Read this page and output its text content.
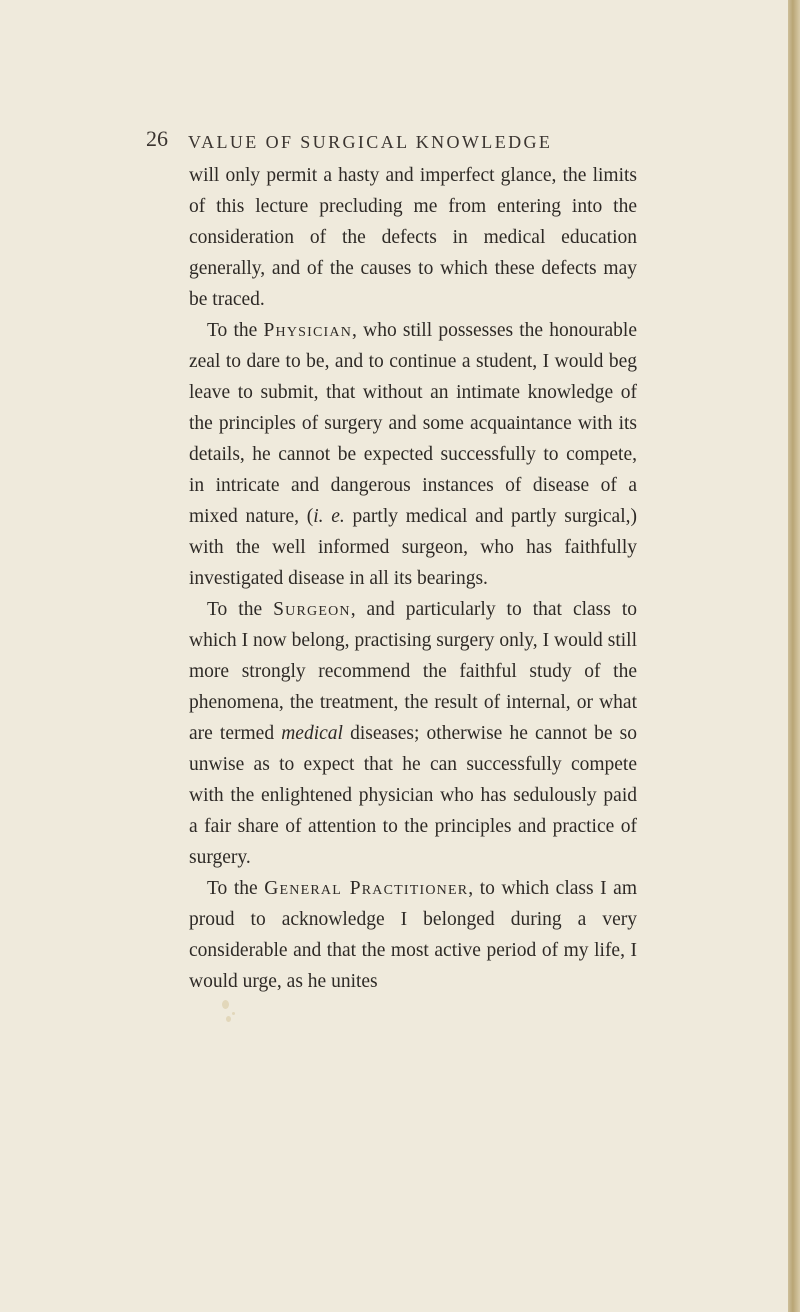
26 VALUE OF SURGICAL KNOWLEDGE

will only permit a hasty and imperfect glance, the limits of this lecture precluding me from entering into the consideration of the defects in medical education generally, and of the causes to which these defects may be traced.

To the Physician, who still possesses the honourable zeal to dare to be, and to continue a student, I would beg leave to submit, that without an intimate knowledge of the principles of surgery and some acquaintance with its details, he cannot be expected successfully to compete, in intricate and dangerous instances of disease of a mixed nature, (i. e. partly medical and partly surgical,) with the well informed surgeon, who has faithfully investigated disease in all its bearings.

To the Surgeon, and particularly to that class to which I now belong, practising surgery only, I would still more strongly recommend the faithful study of the phenomena, the treatment, the result of internal, or what are termed medical diseases; otherwise he cannot be so unwise as to expect that he can successfully compete with the enlightened physician who has sedulously paid a fair share of attention to the principles and practice of surgery.

To the General Practitioner, to which class I am proud to acknowledge I belonged during a very considerable and that the most active period of my life, I would urge, as he unites
